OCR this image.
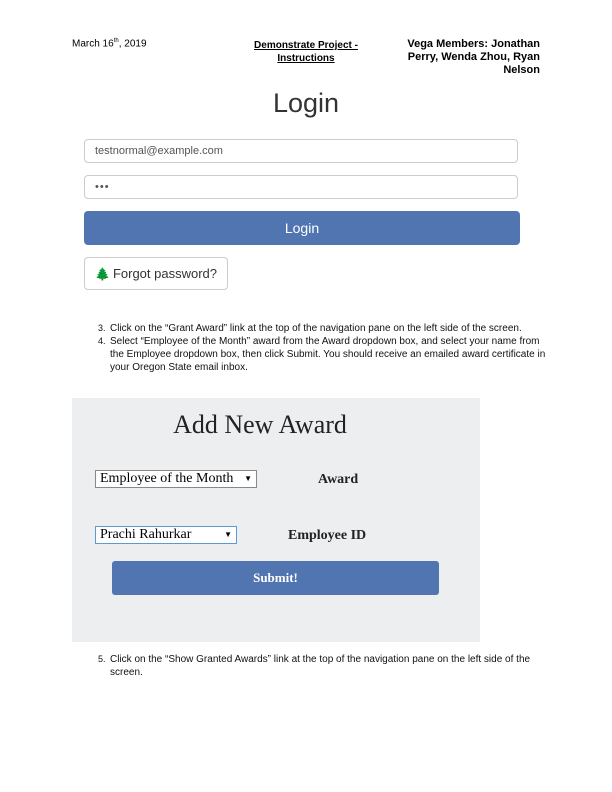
March 16th, 2019	Demonstrate Project -
Instructions
Vega Members: Jonathan Perry, Wenda Zhou, Ryan Nelson
Login
testnormal@example.com
•••
Login
🌲 Forgot password?
3. Click on the “Grant Award” link at the top of the navigation pane on the left side of the screen.
4. Select “Employee of the Month” award from the Award dropdown box, and select your name from the Employee dropdown box, then click Submit. You should receive an emailed award certificate in your Oregon State email inbox.
Add New Award
Employee of the Month ▼	Award
Prachi Rahurkar	▼	Employee ID
Submit!
5. Click on the “Show Granted Awards” link at the top of the navigation pane on the left side of the screen.
